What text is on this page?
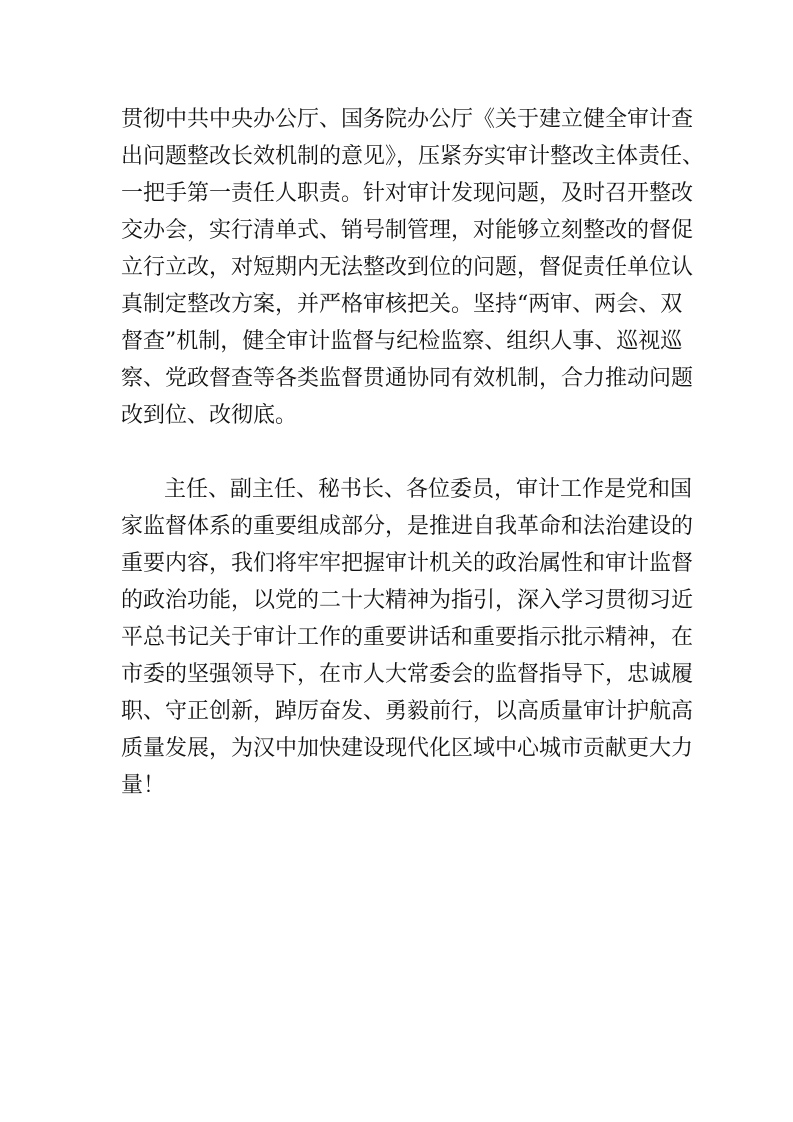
贯彻中共中央办公厅、国务院办公厅《关于建立健全审计查
出问题整改长效机制的意见》，压紧夯实审计整改主体责任、
一把手第一责任人职责。针对审计发现问题，及时召开整改
交办会，实行清单式、销号制管理，对能够立刻整改的督促
立行立改，对短期内无法整改到位的问题，督促责任单位认
真制定整改方案，并严格审核把关。坚持“两审、两会、双
督查”机制，健全审计监督与纪检监察、组织人事、巡视巡
察、党政督查等各类监督贯通协同有效机制，合力推动问题
改到位、改彻底。
主任、副主任、秘书长、各位委员，审计工作是党和国
家监督体系的重要组成部分，是推进自我革命和法治建设的
重要内容，我们将牢牢把握审计机关的政治属性和审计监督
的政治功能，以党的二十大精神为指引，深入学习贯彻习近
平总书记关于审计工作的重要讲话和重要指示批示精神，在
市委的坚强领导下，在市人大常委会的监督指导下，忠诚履
职、守正创新，踔厉奋发、勇毅前行，以高质量审计护航高
质量发展，为汉中加快建设现代化区域中心城市贡献更大力
量！
